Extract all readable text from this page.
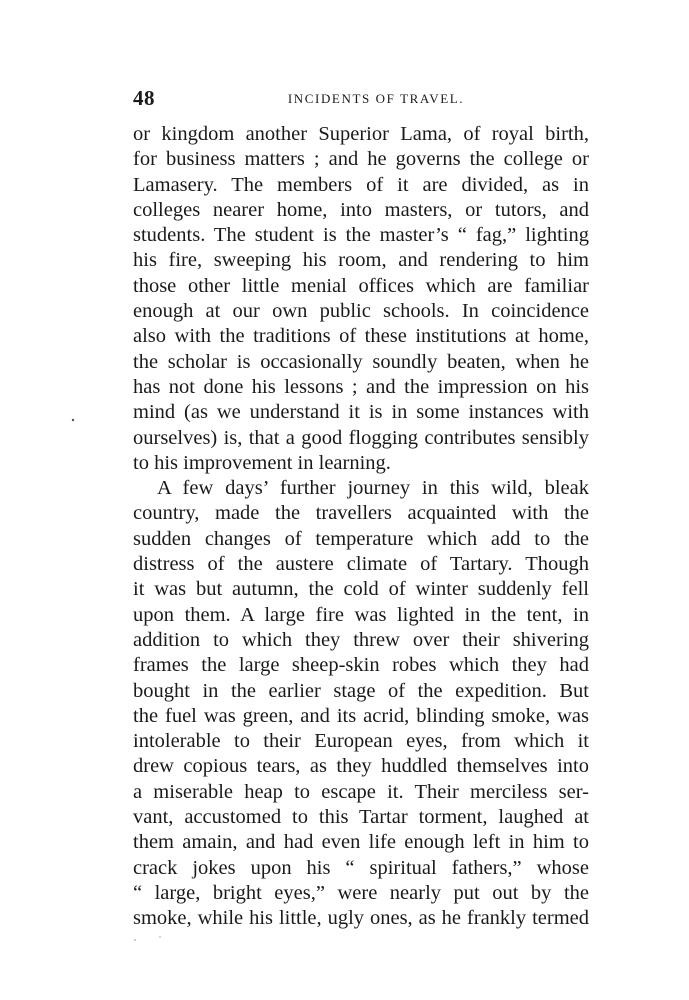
48	INCIDENTS OF TRAVEL.
or kingdom another Superior Lama, of royal birth,
for business matters ; and he governs the college or
Lamasery. The members of it are divided, as in
colleges nearer home, into masters, or tutors, and
students. The student is the master’s “ fag,” lighting
his fire, sweeping his room, and rendering to him
those other little menial offices which are familiar
enough at our own public schools. In coincidence
also with the traditions of these institutions at home,
the scholar is occasionally soundly beaten, when he
has not done his lessons ; and the impression on his
mind (as we understand it is in some instances with
ourselves) is, that a good flogging contributes sensibly
to his improvement in learning.
A few days’ further journey in this wild, bleak
country, made the travellers acquainted with the
sudden changes of temperature which add to the
distress of the austere climate of Tartary. Though
it was but autumn, the cold of winter suddenly fell
upon them. A large fire was lighted in the tent, in
addition to which they threw over their shivering
frames the large sheep-skin robes which they had
bought in the earlier stage of the expedition. But
the fuel was green, and its acrid, blinding smoke, was
intolerable to their European eyes, from which it
drew copious tears, as they huddled themselves into
a miserable heap to escape it. Their merciless ser-
vant, accustomed to this Tartar torment, laughed at
them amain, and had even life enough left in him to
crack jokes upon his “ spiritual fathers,” whose
“ large, bright eyes,” were nearly put out by the
smoke, while his little, ugly ones, as he frankly termed
